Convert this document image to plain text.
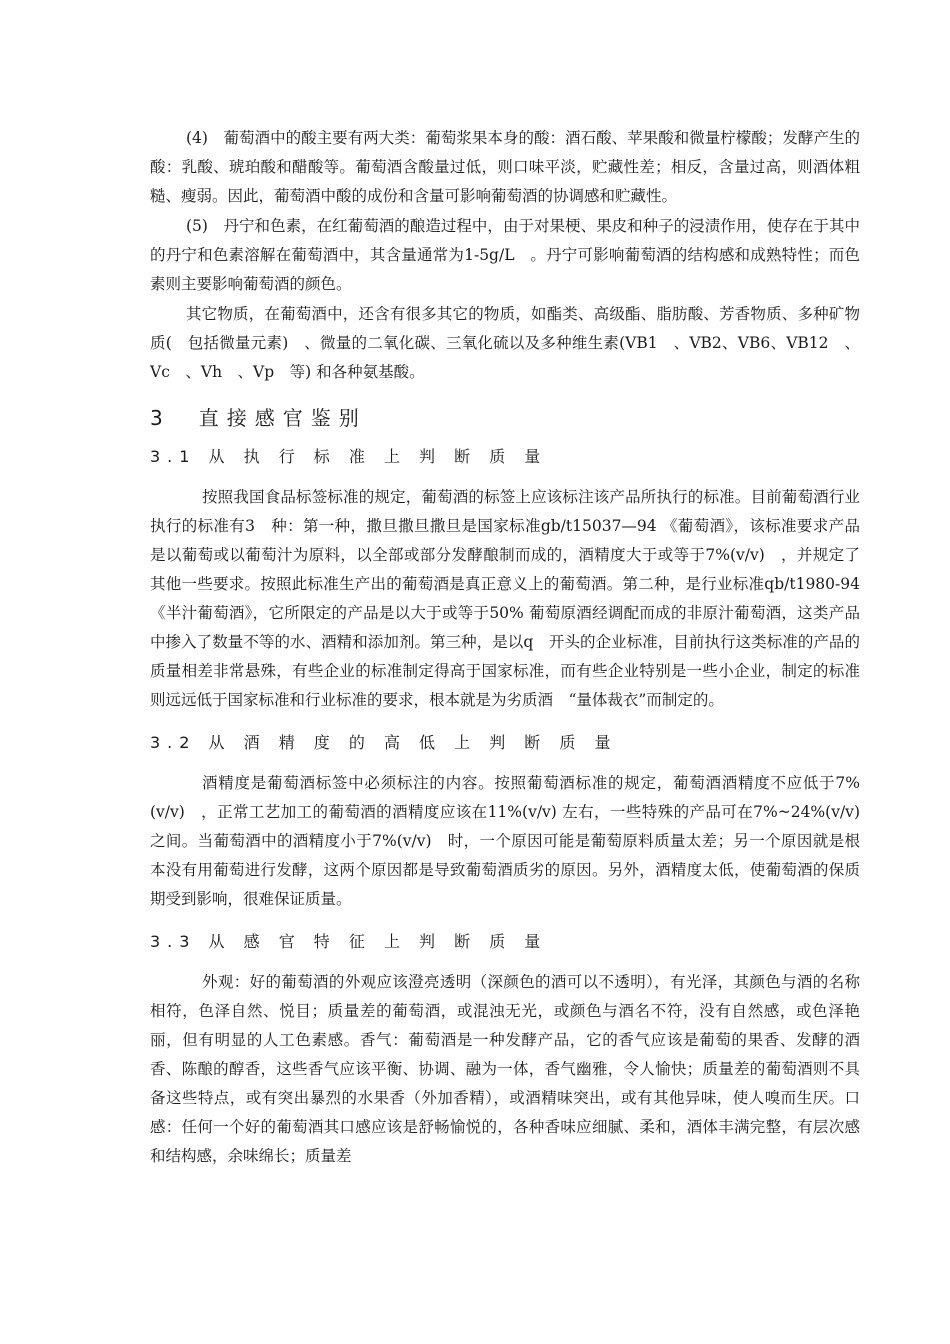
(4)　葡萄酒中的酸主要有两大类：葡萄浆果本身的酸：酒石酸、苹果酸和微量柠檬酸；发酵产生的酸：乳酸、琥珀酸和醋酸等。葡萄酒含酸量过低，则口味平淡，贮藏性差；相反，含量过高，则酒体粗糙、瘦弱。因此，葡萄酒中酸的成份和含量可影响葡萄酒的协调感和贮藏性。

(5)　丹宁和色素，在红葡萄酒的酿造过程中，由于对果梗、果皮和种子的浸渍作用，使存在于其中的丹宁和色素溶解在葡萄酒中，其含量通常为1-5g/L　。丹宁可影响葡萄酒的结构感和成熟特性；而色素则主要影响葡萄酒的颜色。

其它物质，在葡萄酒中，还含有很多其它的物质，如酯类、高级酯、脂肪酸、芳香物质、多种矿物质(　包括微量元素)　、微量的二氧化碳、三氧化硫以及多种维生素(VB1　、VB2、VB6、VB12　、Vc　、Vh　、Vp　等) 和各种氨基酸。

3　直接感官鉴别
3.1 从 执 行 标 准 上 判 断 质 量

按照我国食品标签标准的规定，葡萄酒的标签上应该标注该产品所执行的标准。目前葡萄酒行业执行的标准有3　种：第一种，撒旦撒旦撒旦是国家标准gb/t15037—94 《葡萄酒》，该标准要求产品是以葡萄或以葡萄汁为原料，以全部或部分发酵酿制而成的，酒精度大于或等于7%(v/v)　，并规定了其他一些要求。按照此标准生产出的葡萄酒是真正意义上的葡萄酒。第二种，是行业标准qb/t1980-94 《半汁葡萄酒》，它所限定的产品是以大于或等于50% 葡萄原酒经调配而成的非原汁葡萄酒，这类产品中掺入了数量不等的水、酒精和添加剂。第三种，是以q　开头的企业标准，目前执行这类标准的产品的质量相差非常悬殊，有些企业的标准制定得高于国家标准，而有些企业特别是一些小企业，制定的标准则远远低于国家标准和行业标准的要求，根本就是为劣质酒　“量体裁衣”而制定的。

3.2 从 酒 精 度 的 高 低 上 判 断 质 量

酒精度是葡萄酒标签中必须标注的内容。按照葡萄酒标准的规定，葡萄酒酒精度不应低于7%(v/v)　，正常工艺加工的葡萄酒的酒精度应该在11%(v/v) 左右，一些特殊的产品可在7%~24%(v/v) 之间。当葡萄酒中的酒精度小于7%(v/v)　时，一个原因可能是葡萄原料质量太差；另一个原因就是根本没有用葡萄进行发酵，这两个原因都是导致葡萄酒质劣的原因。另外，酒精度太低，使葡萄酒的保质期受到影响，很难保证质量。

3.3 从 感 官 特 征 上 判 断 质 量

外观：好的葡萄酒的外观应该澄亮透明（深颜色的酒可以不透明），有光泽，其颜色与酒的名称相符，色泽自然、悦目；质量差的葡萄酒，或混浊无光，或颜色与酒名不符，没有自然感，或色泽艳丽，但有明显的人工色素感。香气：葡萄酒是一种发酵产品，它的香气应该是葡萄的果香、发酵的酒香、陈酿的醇香，这些香气应该平衡、协调、融为一体，香气幽雅，令人愉快；质量差的葡萄酒则不具备这些特点，或有突出暴烈的水果香（外加香精），或酒精味突出，或有其他异味，使人嗅而生厌。口感：任何一个好的葡萄酒其口感应该是舒畅愉悦的，各种香味应细腻、柔和，酒体丰满完整，有层次感和结构感，余味绵长；质量差
